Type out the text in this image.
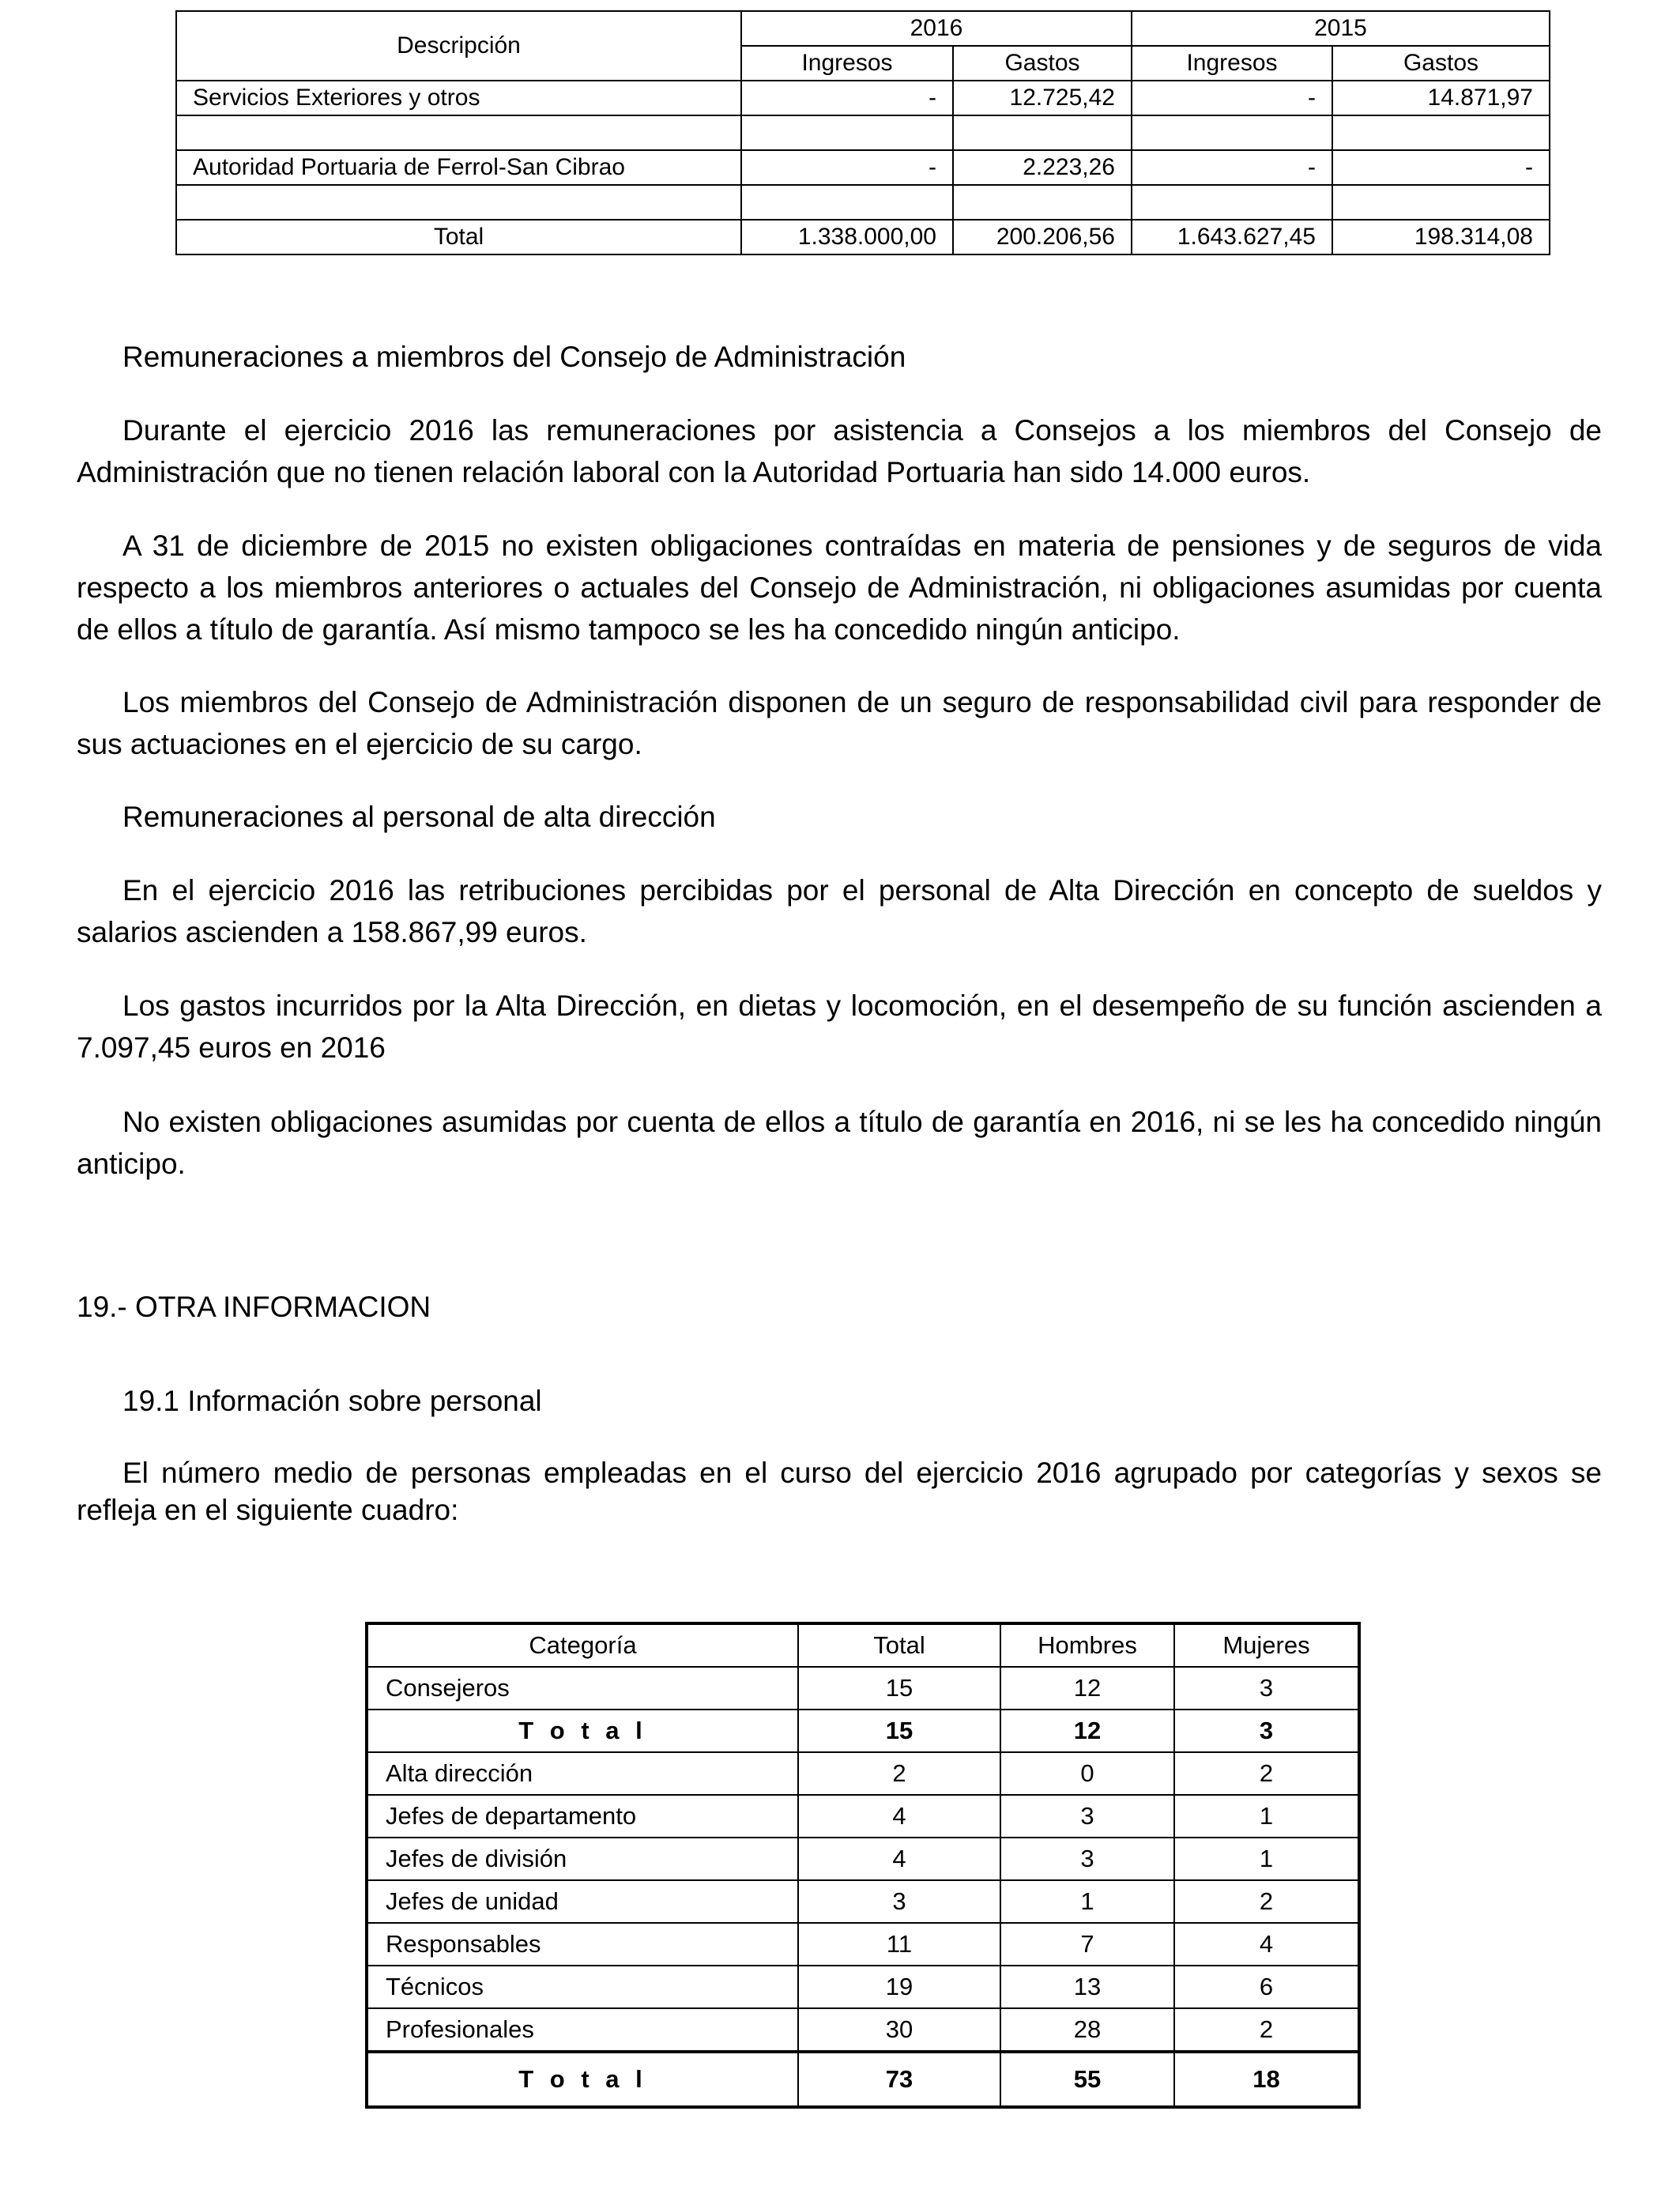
Descripción	2016		2015	
	Ingresos	Gastos	Ingresos	Gastos
Servicios Exteriores y otros	-	12.725,42	-	14.871,97

Autoridad Portuaria de Ferrol-San Cibrao	-	2.223,26	-	-

Total	1.338.000,00	200.206,56	1.643.627,45	198.314,08

Remuneraciones a miembros del Consejo de Administración

Durante el ejercicio 2016 las remuneraciones por asistencia a Consejos a los miembros del Consejo de Administración que no tienen relación laboral con la Autoridad Portuaria han sido 14.000 euros.

A 31 de diciembre de 2015 no existen obligaciones contraídas en materia de pensiones y de seguros de vida respecto a los miembros anteriores o actuales del Consejo de Administración, ni obligaciones asumidas por cuenta de ellos a título de garantía. Así mismo tampoco se les ha concedido ningún anticipo.

Los miembros del Consejo de Administración disponen de un seguro de responsabilidad civil para responder de sus actuaciones en el ejercicio de su cargo.

Remuneraciones al personal de alta dirección

En el ejercicio 2016 las retribuciones percibidas por el personal de Alta Dirección en concepto de sueldos y salarios ascienden a 158.867,99 euros.

Los gastos incurridos por la Alta Dirección, en dietas y locomoción, en el desempeño de su función ascienden a 7.097,45 euros en 2016

No existen obligaciones asumidas por cuenta de ellos a título de garantía en 2016, ni se les ha concedido ningún anticipo.

19.- OTRA INFORMACION

19.1 Información sobre personal

El número medio de personas empleadas en el curso del ejercicio 2016 agrupado por categorías y sexos se refleja en el siguiente cuadro:

Categoría	Total	Hombres	Mujeres
Consejeros	15	12	3
T o t a l	15	12	3
Alta dirección	2	0	2
Jefes de departamento	4	3	1
Jefes de división	4	3	1
Jefes de unidad	3	1	2
Responsables	11	7	4
Técnicos	19	13	6
Profesionales	30	28	2
T o t a l	73	55	18
